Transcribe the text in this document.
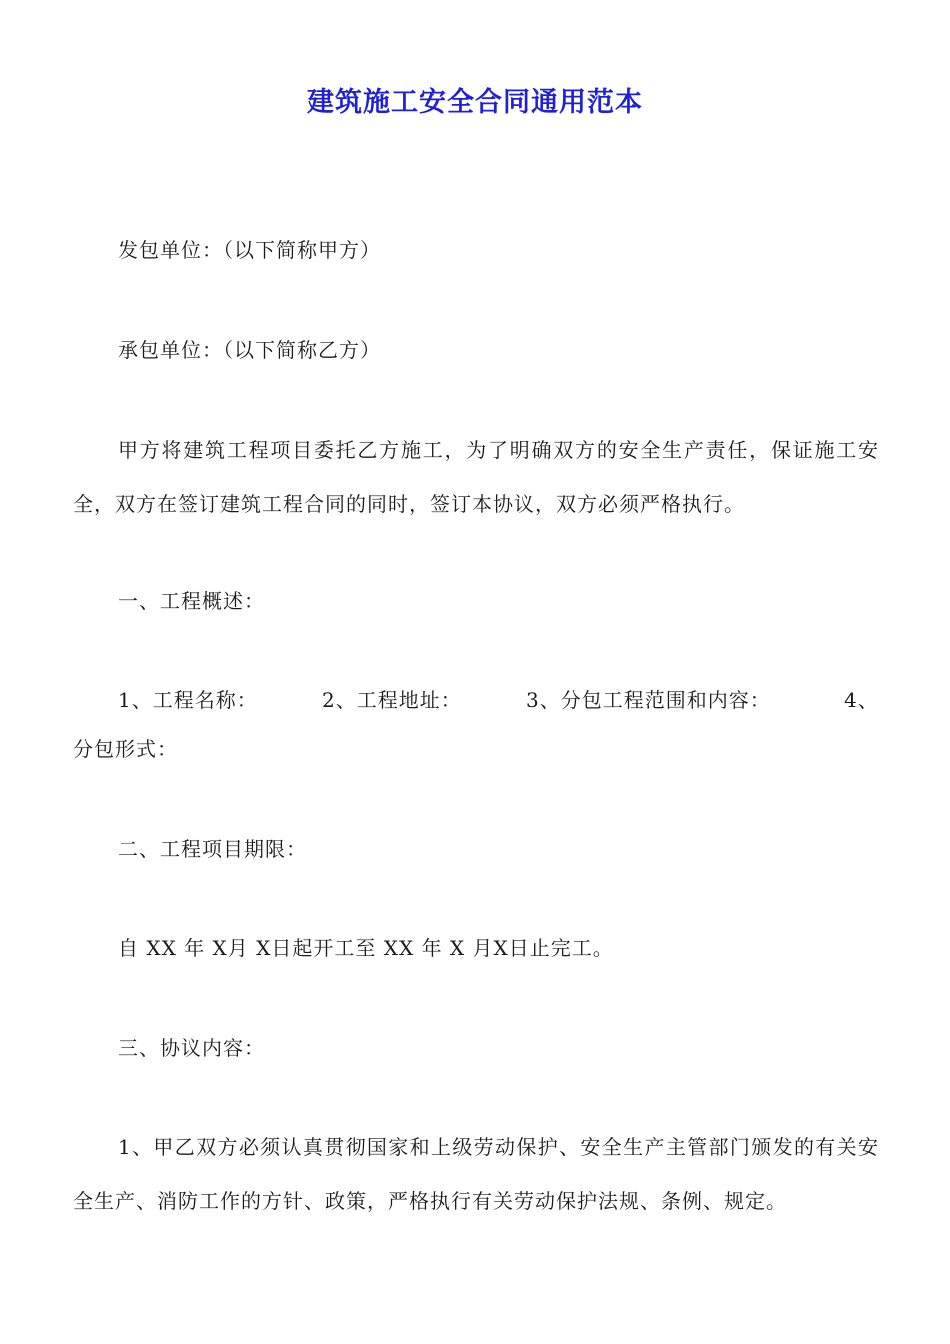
建筑施工安全合同通用范本
发包单位：（以下简称甲方）
承包单位：（以下简称乙方）
甲方将建筑工程项目委托乙方施工，为了明确双方的安全生产责任，保证施工安全，双方在签订建筑工程合同的同时，签订本协议，双方必须严格执行。
一、工程概述：
1、工程名称：	2、工程地址：	3、分包工程范围和内容：	4、
分包形式：
二、工程项目期限：
自 XX 年 X月 X日起开工至 XX 年 X 月X日止完工。
三、协议内容：
1、甲乙双方必须认真贯彻国家和上级劳动保护、安全生产主管部门颁发的有关安全生产、消防工作的方针、政策，严格执行有关劳动保护法规、条例、规定。
